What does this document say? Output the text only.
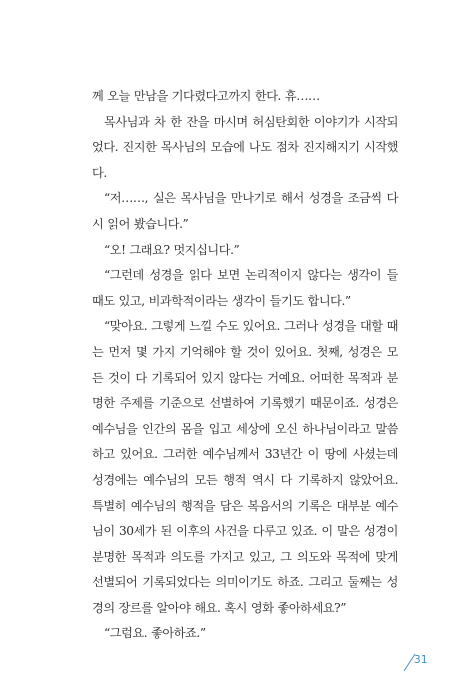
께 오늘 만남을 기다렸다고까지 한다. 휴……

목사님과 차 한 잔을 마시며 허심탄회한 이야기가 시작되었다. 진지한 목사님의 모습에 나도 점차 진지해지기 시작했다.

“저……, 실은 목사님을 만나기로 해서 성경을 조금씩 다시 읽어 봤습니다.”

“오! 그래요? 멋지십니다.”

“그런데 성경을 읽다 보면 논리적이지 않다는 생각이 들 때도 있고, 비과학적이라는 생각이 들기도 합니다.”

“맞아요. 그렇게 느낄 수도 있어요. 그러나 성경을 대할 때는 먼저 몇 가지 기억해야 할 것이 있어요. 첫째, 성경은 모든 것이 다 기록되어 있지 않다는 거예요. 어떠한 목적과 분명한 주제를 기준으로 선별하여 기록했기 때문이죠. 성경은 예수님을 인간의 몸을 입고 세상에 오신 하나님이라고 말씀하고 있어요. 그러한 예수님께서 33년간 이 땅에 사셨는데 성경에는 예수님의 모든 행적 역시 다 기록하지 않았어요. 특별히 예수님의 행적을 담은 복음서의 기록은 대부분 예수님이 30세가 된 이후의 사건을 다루고 있죠. 이 말은 성경이 분명한 목적과 의도를 가지고 있고, 그 의도와 목적에 맞게 선별되어 기록되었다는 의미이기도 하죠. 그리고 둘째는 성경의 장르를 알아야 해요. 혹시 영화 좋아하세요?”

“그럼요. 좋아하죠.”

31
